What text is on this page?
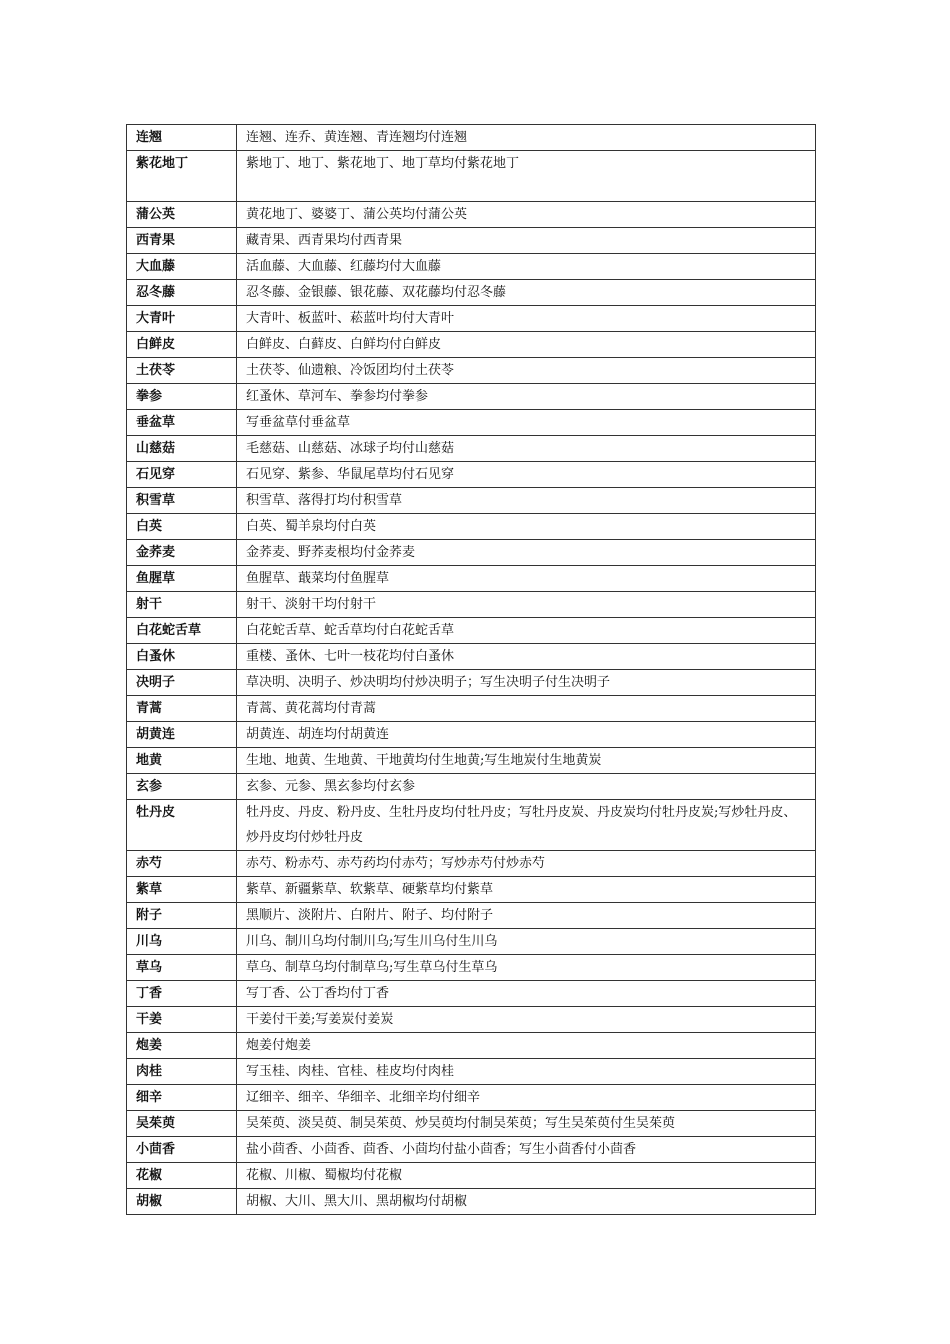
连翘	连翘、连乔、黄连翘、青连翘均付连翘
紫花地丁	紫地丁、地丁、紫花地丁、地丁草均付紫花地丁
蒲公英	黄花地丁、婆婆丁、蒲公英均付蒲公英
西青果	藏青果、西青果均付西青果
大血藤	活血藤、大血藤、红藤均付大血藤
忍冬藤	忍冬藤、金银藤、银花藤、双花藤均付忍冬藤
大青叶	大青叶、板蓝叶、菘蓝叶均付大青叶
白鲜皮	白鲜皮、白藓皮、白鲜均付白鲜皮
土茯苓	土茯苓、仙遗粮、冷饭团均付土茯苓
拳参	红蚤休、草河车、拳参均付拳参
垂盆草	写垂盆草付垂盆草
山慈菇	毛慈菇、山慈菇、冰球子均付山慈菇
石见穿	石见穿、紫参、华鼠尾草均付石见穿
积雪草	积雪草、落得打均付积雪草
白英	白英、蜀羊泉均付白英
金荞麦	金荞麦、野荞麦根均付金荞麦
鱼腥草	鱼腥草、蕺菜均付鱼腥草
射干	射干、淡射干均付射干
白花蛇舌草	白花蛇舌草、蛇舌草均付白花蛇舌草
白蚤休	重楼、蚤休、七叶一枝花均付白蚤休
决明子	草决明、决明子、炒决明均付炒决明子；写生决明子付生决明子
青蒿	青蒿、黄花蒿均付青蒿
胡黄连	胡黄连、胡连均付胡黄连
地黄	生地、地黄、生地黄、干地黄均付生地黄;写生地炭付生地黄炭
玄参	玄参、元参、黑玄参均付玄参
牡丹皮	牡丹皮、丹皮、粉丹皮、生牡丹皮均付牡丹皮；写牡丹皮炭、丹皮炭均付牡丹皮炭;写炒牡丹皮、炒丹皮均付炒牡丹皮
赤芍	赤芍、粉赤芍、赤芍药均付赤芍；写炒赤芍付炒赤芍
紫草	紫草、新疆紫草、软紫草、硬紫草均付紫草
附子	黑顺片、淡附片、白附片、附子、均付附子
川乌	川乌、制川乌均付制川乌;写生川乌付生川乌
草乌	草乌、制草乌均付制草乌;写生草乌付生草乌
丁香	写丁香、公丁香均付丁香
干姜	干姜付干姜;写姜炭付姜炭
炮姜	炮姜付炮姜
肉桂	写玉桂、肉桂、官桂、桂皮均付肉桂
细辛	辽细辛、细辛、华细辛、北细辛均付细辛
吴茱萸	吴茱萸、淡吴萸、制吴茱萸、炒吴萸均付制吴茱萸；写生吴茱萸付生吴茱萸
小茴香	盐小茴香、小茴香、茴香、小茴均付盐小茴香；写生小茴香付小茴香
花椒	花椒、川椒、蜀椒均付花椒
胡椒	胡椒、大川、黑大川、黑胡椒均付胡椒
